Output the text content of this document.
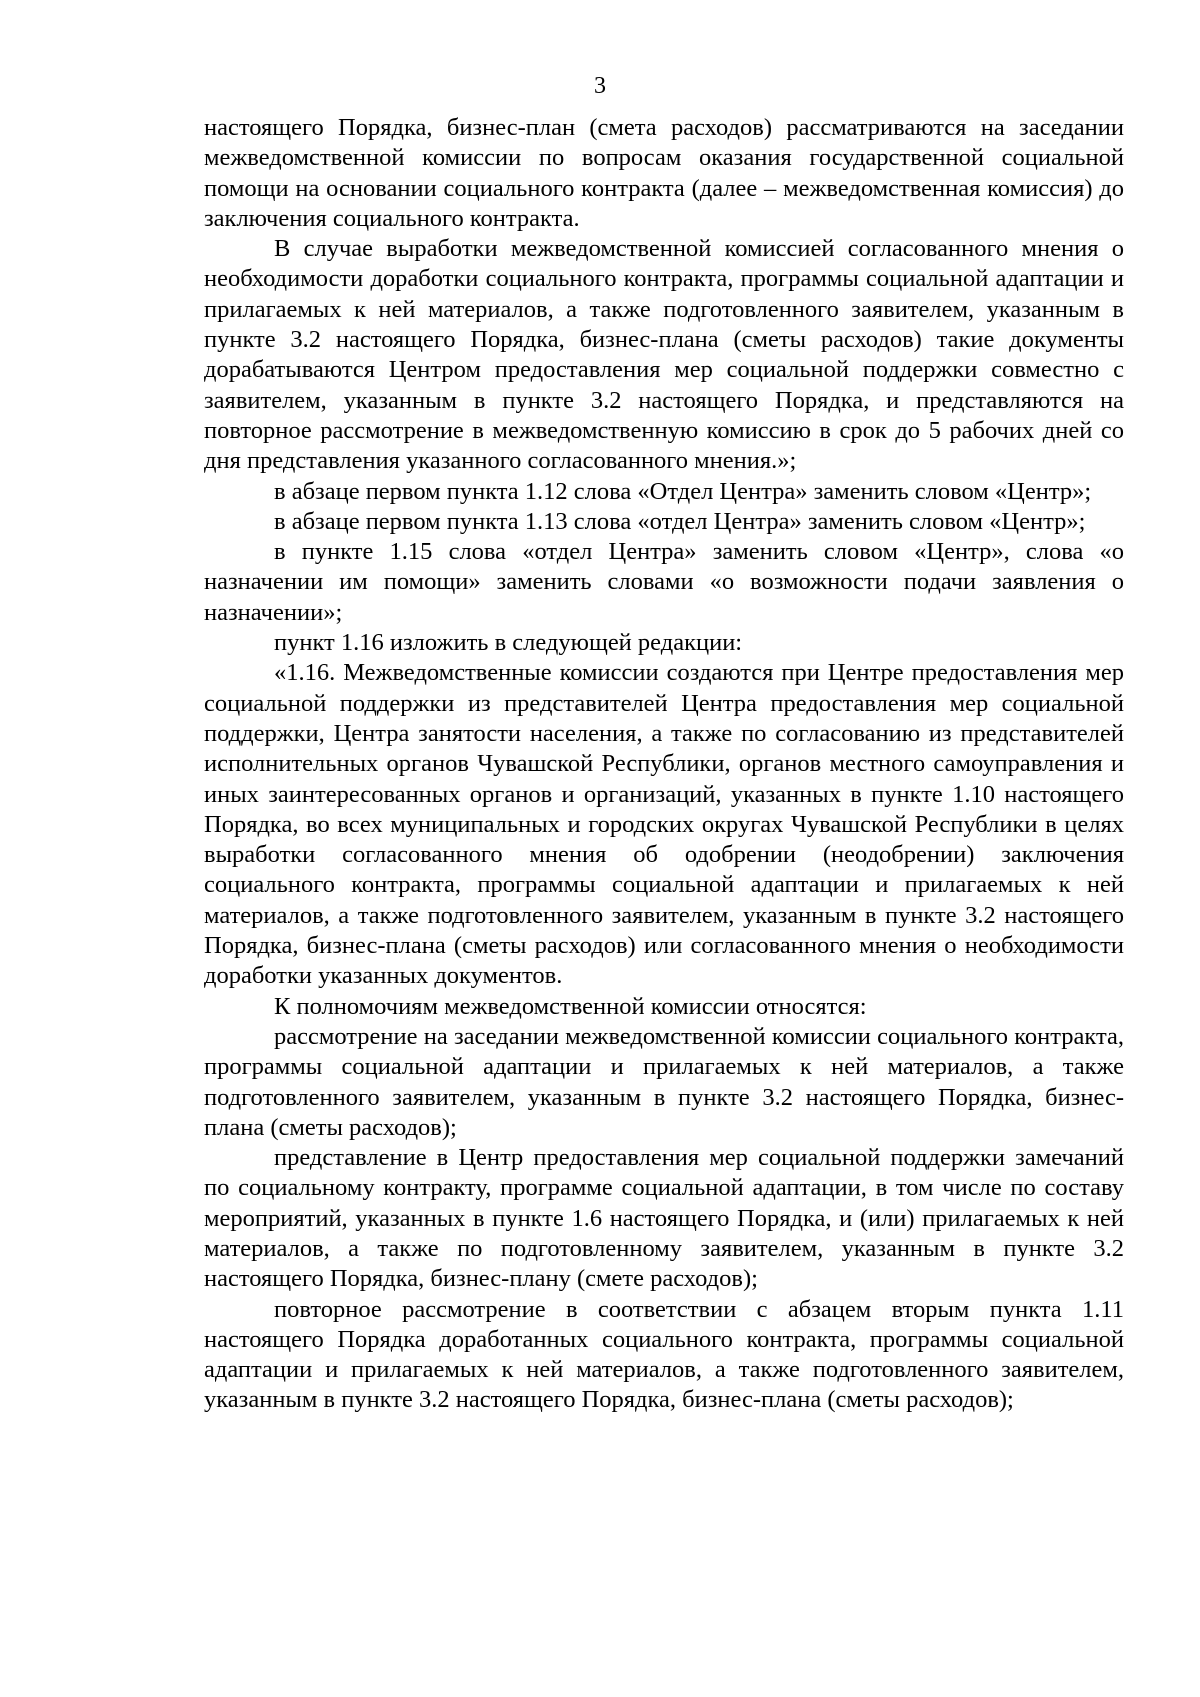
3

настоящего Порядка, бизнес-план (смета расходов) рассматриваются на заседании межведомственной комиссии по вопросам оказания государственной социальной помощи на основании социального контракта (далее – межведомственная комиссия) до заключения социального контракта.

В случае выработки межведомственной комиссией согласованного мнения о необходимости доработки социального контракта, программы социальной адаптации и прилагаемых к ней материалов, а также подготовленного заявителем, указанным в пункте 3.2 настоящего Порядка, бизнес-плана (сметы расходов) такие документы дорабатываются Центром предоставления мер социальной поддержки совместно с заявителем, указанным в пункте 3.2 настоящего Порядка, и представляются на повторное рассмотрение в межведомственную комиссию в срок до 5 рабочих дней со дня представления указанного согласованного мнения.»;

в абзаце первом пункта 1.12 слова «Отдел Центра» заменить словом «Центр»;

в абзаце первом пункта 1.13 слова «отдел Центра» заменить словом «Центр»;

в пункте 1.15 слова «отдел Центра» заменить словом «Центр», слова «о назначении им помощи» заменить словами «о возможности подачи заявления о назначении»;

пункт 1.16 изложить в следующей редакции:

«1.16. Межведомственные комиссии создаются при Центре предоставления мер социальной поддержки из представителей Центра предоставления мер социальной поддержки, Центра занятости населения, а также по согласованию из представителей исполнительных органов Чувашской Республики, органов местного самоуправления и иных заинтересованных органов и организаций, указанных в пункте 1.10 настоящего Порядка, во всех муниципальных и городских округах Чувашской Республики в целях выработки согласованного мнения об одобрении (неодобрении) заключения социального контракта, программы социальной адаптации и прилагаемых к ней материалов, а также подготовленного заявителем, указанным в пункте 3.2 настоящего Порядка, бизнес-плана (сметы расходов) или согласованного мнения о необходимости доработки указанных документов.

К полномочиям межведомственной комиссии относятся:

рассмотрение на заседании межведомственной комиссии социального контракта, программы социальной адаптации и прилагаемых к ней материалов, а также подготовленного заявителем, указанным в пункте 3.2 настоящего Порядка, бизнес-плана (сметы расходов);

представление в Центр предоставления мер социальной поддержки замечаний по социальному контракту, программе социальной адаптации, в том числе по составу мероприятий, указанных в пункте 1.6 настоящего Порядка, и (или) прилагаемых к ней материалов, а также по подготовленному заявителем, указанным в пункте 3.2 настоящего Порядка, бизнес-плану (смете расходов);

повторное рассмотрение в соответствии с абзацем вторым пункта 1.11 настоящего Порядка доработанных социального контракта, программы социальной адаптации и прилагаемых к ней материалов, а также подготовленного заявителем, указанным в пункте 3.2 настоящего Порядка, бизнес-плана (сметы расходов);
